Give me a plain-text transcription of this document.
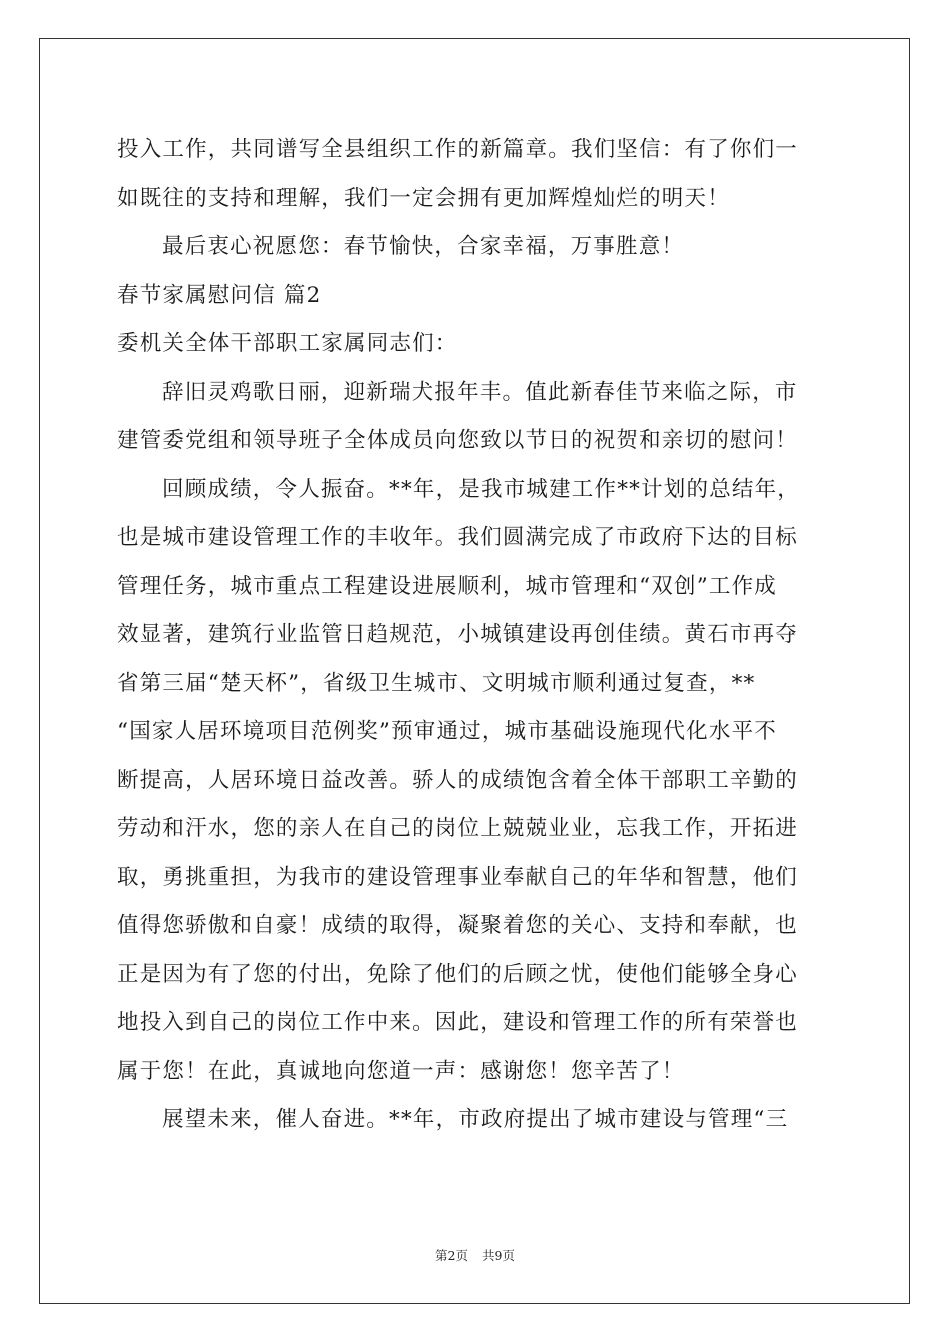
投入工作，共同谱写全县组织工作的新篇章。我们坚信：有了你们一
如既往的支持和理解，我们一定会拥有更加辉煌灿烂的明天！
最后衷心祝愿您：春节愉快，合家幸福，万事胜意！
春节家属慰问信 篇2
委机关全体干部职工家属同志们：
辞旧灵鸡歌日丽，迎新瑞犬报年丰。值此新春佳节来临之际，市
建管委党组和领导班子全体成员向您致以节日的祝贺和亲切的慰问！
回顾成绩，令人振奋。**年，是我市城建工作**计划的总结年，
也是城市建设管理工作的丰收年。我们圆满完成了市政府下达的目标
管理任务，城市重点工程建设进展顺利，城市管理和“双创”工作成
效显著，建筑行业监管日趋规范，小城镇建设再创佳绩。黄石市再夺
省第三届“楚天杯”，省级卫生城市、文明城市顺利通过复查，**
“国家人居环境项目范例奖”预审通过，城市基础设施现代化水平不
断提高，人居环境日益改善。骄人的成绩饱含着全体干部职工辛勤的
劳动和汗水，您的亲人在自己的岗位上兢兢业业，忘我工作，开拓进
取，勇挑重担，为我市的建设管理事业奉献自己的年华和智慧，他们
值得您骄傲和自豪！成绩的取得，凝聚着您的关心、支持和奉献，也
正是因为有了您的付出，免除了他们的后顾之忧，使他们能够全身心
地投入到自己的岗位工作中来。因此，建设和管理工作的所有荣誉也
属于您！在此，真诚地向您道一声：感谢您！您辛苦了！
展望未来，催人奋进。**年，市政府提出了城市建设与管理“三
第2页 共9页
